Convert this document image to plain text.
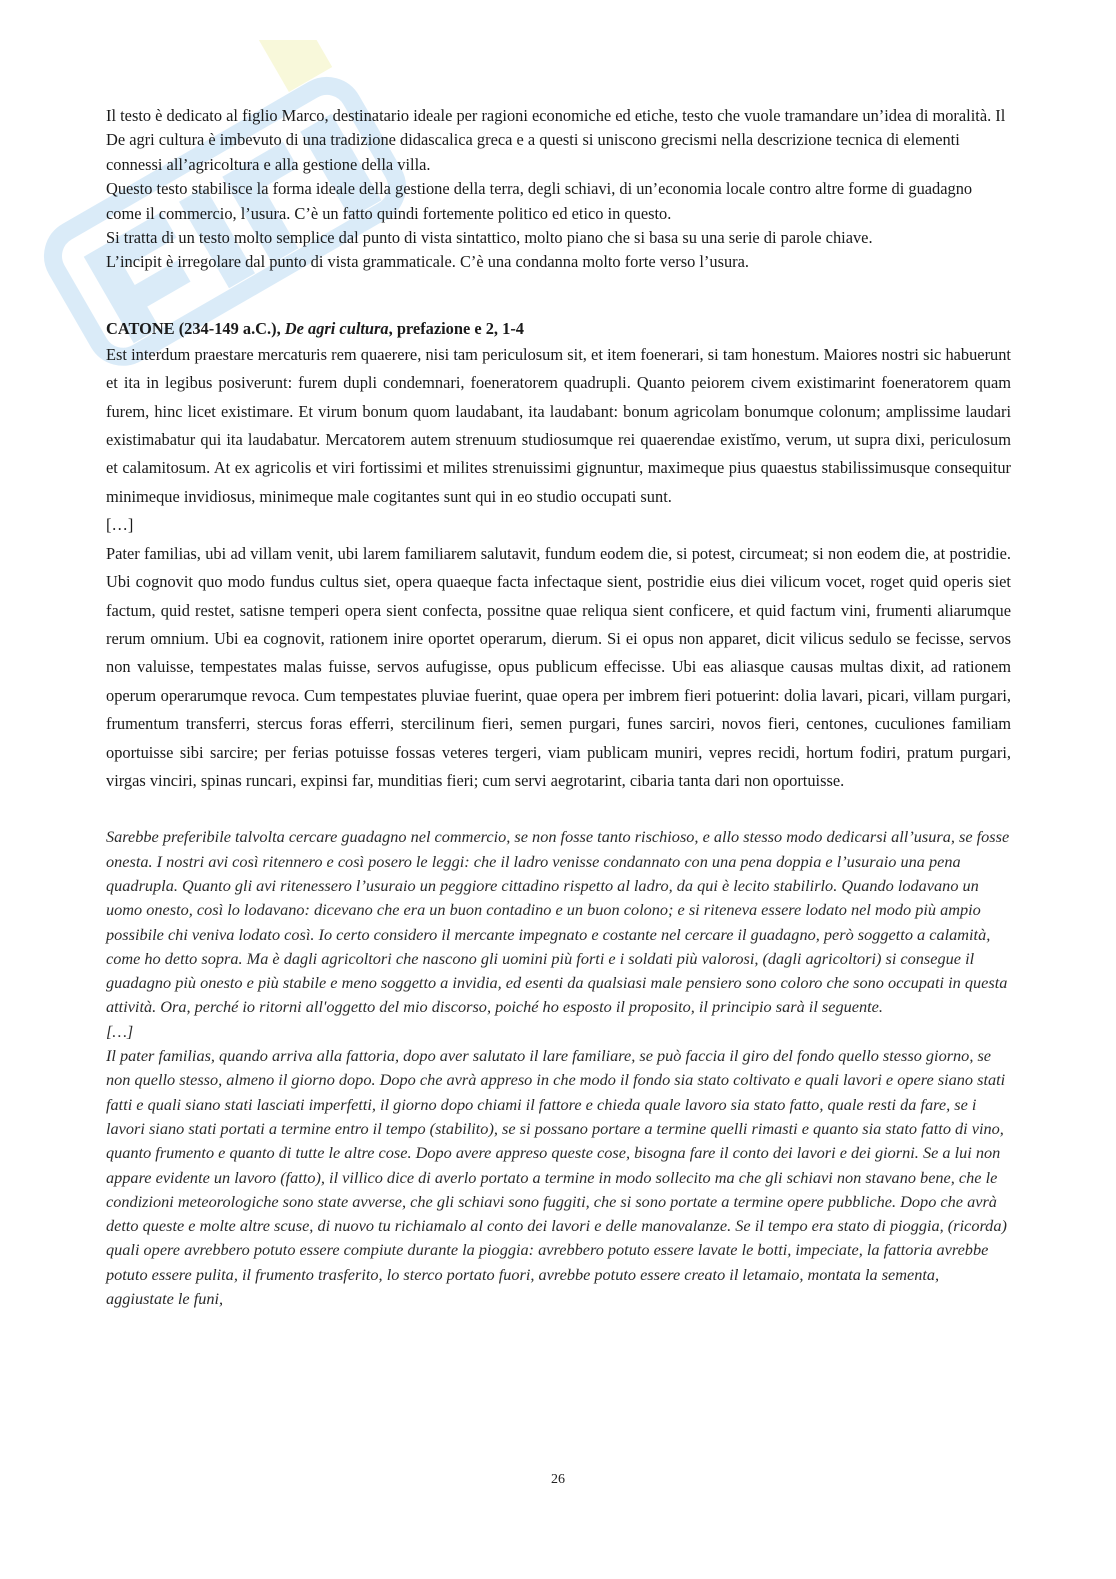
Il testo è dedicato al figlio Marco, destinatario ideale per ragioni economiche ed etiche, testo che vuole tramandare un’idea di moralità. Il De agri cultura è imbevuto di una tradizione didascalica greca e a questi si uniscono grecismi nella descrizione tecnica di elementi connessi all’agricoltura e alla gestione della villa.

Questo testo stabilisce la forma ideale della gestione della terra, degli schiavi, di un’economia locale contro altre forme di guadagno come il commercio, l’usura. C’è un fatto quindi fortemente politico ed etico in questo.

Si tratta di un testo molto semplice dal punto di vista sintattico, molto piano che si basa su una serie di parole chiave.

L’incipit è irregolare dal punto di vista grammaticale. C’è una condanna molto forte verso l’usura.

CATONE (234-149 a.C.), De agri cultura, prefazione e 2, 1-4

Est interdum praestare mercaturis rem quaerere, nisi tam periculosum sit, et item foenerari, si tam honestum. Maiores nostri sic habuerunt et ita in legibus posiverunt: furem dupli condemnari, foeneratorem quadrupli. Quanto peiorem civem existimarint foeneratorem quam furem, hinc licet existimare. Et virum bonum quom laudabant, ita laudabant: bonum agricolam bonumque colonum; amplissime laudari existimabatur qui ita laudabatur. Mercatorem autem strenuum studiosumque rei quaerendae existĭmo, verum, ut supra dixi, periculosum et calamitosum. At ex agricolis et viri fortissimi et milites strenuissimi gignuntur, maximeque pius quaestus stabilissimusque consequitur minimeque invidiosus, minimeque male cogitantes sunt qui in eo studio occupati sunt.

[…]

Pater familias, ubi ad villam venit, ubi larem familiarem salutavit, fundum eodem die, si potest, circumeat; si non eodem die, at postridie. Ubi cognovit quo modo fundus cultus siet, opera quaeque facta infectaque sient, postridie eius diei vilicum vocet, roget quid operis siet factum, quid restet, satisne temperi opera sient confecta, possitne quae reliqua sient conficere, et quid factum vini, frumenti aliarumque rerum omnium. Ubi ea cognovit, rationem inire oportet operarum, dierum. Si ei opus non apparet, dicit vilicus sedulo se fecisse, servos non valuisse, tempestates malas fuisse, servos aufugisse, opus publicum effecisse. Ubi eas aliasque causas multas dixit, ad rationem operum operarumque revoca. Cum tempestates pluviae fuerint, quae opera per imbrem fieri potuerint: dolia lavari, picari, villam purgari, frumentum transferri, stercus foras efferri, stercilinum fieri, semen purgari, funes sarciri, novos fieri, centones, cuculiones familiam oportuisse sibi sarcire; per ferias potuisse fossas veteres tergeri, viam publicam muniri, vepres recidi, hortum fodiri, pratum purgari, virgas vinciri, spinas runcari, expinsi far, munditias fieri; cum servi aegrotarint, cibaria tanta dari non oportuisse.

Sarebbe preferibile talvolta cercare guadagno nel commercio, se non fosse tanto rischioso, e allo stesso modo dedicarsi all’usura, se fosse onesta. I nostri avi così ritennero e così posero le leggi: che il ladro venisse condannato con una pena doppia e l’usuraio una pena quadrupla. Quanto gli avi ritenessero l’usuraio un peggiore cittadino rispetto al ladro, da qui è lecito stabilirlo. Quando lodavano un uomo onesto, così lo lodavano: dicevano che era un buon contadino e un buon colono; e si riteneva essere lodato nel modo più ampio possibile chi veniva lodato così. Io certo considero il mercante impegnato e costante nel cercare il guadagno, però soggetto a calamità, come ho detto sopra. Ma è dagli agricoltori che nascono gli uomini più forti e i soldati più valorosi, (dagli agricoltori) si consegue il guadagno più onesto e più stabile e meno soggetto a invidia, ed esenti da qualsiasi male pensiero sono coloro che sono occupati in questa attività. Ora, perché io ritorni all'oggetto del mio discorso, poiché ho esposto il proposito, il principio sarà il seguente.

[…]

Il pater familias, quando arriva alla fattoria, dopo aver salutato il lare familiare, se può faccia il giro del fondo quello stesso giorno, se non quello stesso, almeno il giorno dopo. Dopo che avrà appreso in che modo il fondo sia stato coltivato e quali lavori e opere siano stati fatti e quali siano stati lasciati imperfetti, il giorno dopo chiami il fattore e chieda quale lavoro sia stato fatto, quale resti da fare, se i lavori siano stati portati a termine entro il tempo (stabilito), se si possano portare a termine quelli rimasti e quanto sia stato fatto di vino, quanto frumento e quanto di tutte le altre cose. Dopo avere appreso queste cose, bisogna fare il conto dei lavori e dei giorni. Se a lui non appare evidente un lavoro (fatto), il villico dice di averlo portato a termine in modo sollecito ma che gli schiavi non stavano bene, che le condizioni meteorologiche sono state avverse, che gli schiavi sono fuggiti, che si sono portate a termine opere pubbliche. Dopo che avrà detto queste e molte altre scuse, di nuovo tu richiamalo al conto dei lavori e delle manovalanze. Se il tempo era stato di pioggia, (ricorda) quali opere avrebbero potuto essere compiute durante la pioggia: avrebbero potuto essere lavate le botti, impeciate, la fattoria avrebbe potuto essere pulita, il frumento trasferito, lo sterco portato fuori, avrebbe potuto essere creato il letamaio, montata la sementa, aggiustate le funi,

26
